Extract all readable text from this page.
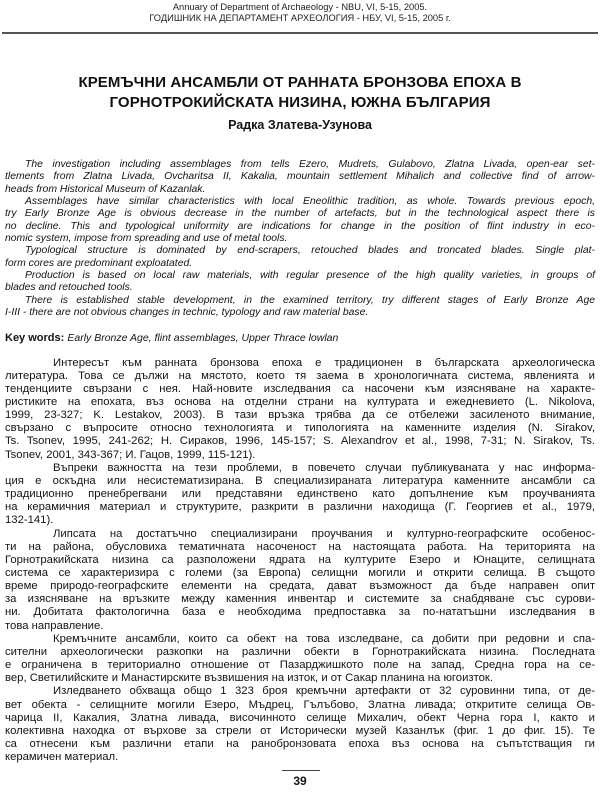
Annuary of Department of Archaeology - NBU, VI, 5-15, 2005.
ГОДИШНИК НА ДЕПАРТАМЕНТ АРХЕОЛОГИЯ - НБУ, VI, 5-15, 2005 г.
КРЕМЪЧНИ АНСАМБЛИ ОТ РАННАТА БРОНЗОВА ЕПОХА В
ГОРНОТРОКИЙСКАТА НИЗИНА, ЮЖНА БЪЛГАРИЯ
Радка Златева-Узунова
The investigation including assemblages from tells Ezero, Mudrets, Gulabovo, Zlatna Livada, open-ear set-
tlements from Zlatna Livada, Ovcharitsa II, Kakalia, mountain settlement Mihalich and collective find of arrow-
heads from Historical Museum of Kazanlak.
Assemblages have similar characteristics with local Eneolithic tradition, as whole. Towards previous epoch,
try Early Bronze Age is obvious decrease in the number of artefacts, but in the technological aspect there is
no decline. This and typological uniformity are indications for change in the position of flint industry in eco-
nomic system, impose from spreading and use of metal tools.
Typological structure is dominated by end-scrapers, retouched blades and troncated blades. Single plat-
form cores are predominant exploatated.
Production is based on local raw materials, with regular presence of the high quality varieties, in groups of
blades and retouched tools.
There is established stable development, in the examined territory, try different stages of Early Bronze Age
I-III - there are not obvious changes in technic, typology and raw material base.
Key words: Early Bronze Age, flint assemblages, Upper Thrace lowlan
Интересът към ранната бронзова епоха е традиционен в българската археологическа
литература. Това се дължи на мястото, което тя заема в хронологичната система, явленията и
тенденциите свързани с нея. Най-новите изследвания са насочени към изясняване на характе-
ристиките на епохата, въз основа на отделни страни на културата и ежедневието (L. Nikolova,
1999, 23-327; K. Lestakov, 2003). В тази връзка трябва да се отбележи засиленото внимание,
свързано с въпросите относно технологията и типологията на каменните изделия (N. Sirakov,
Ts. Tsonev, 1995, 241-262; Н. Сираков, 1996, 145-157; S. Alexandrov et al., 1998, 7-31; N. Sirakov, Ts.
Tsonev, 2001, 343-367; И. Гацов, 1999, 115-121).
Въпреки важността на тези проблеми, в повечето случаи публикуваната у нас информа-
ция е оскъдна или несистематизирана. В специализираната литература каменните ансамбли са
традиционно пренебрегвани или представяни единствено като допълнение към проучванията
на керамичния материал и структурите, разкрити в различни находища (Г. Георгиев et al., 1979,
132-141).
Липсата на достатъчно специализирани проучвания и културно-географските особенос-
ти на района, обусловиха тематичната насоченост на настоящата работа. На територията на
Горнотракийската низина са разположени ядрата на културите Езеро и Юнаците, селищната
система се характеризира с големи (за Европа) селищни могили и открити селища. В същото
време природо-географските елементи на средата, дават възможност да бъде направен опит
за изясняване на връзките между каменния инвентар и системите за снабдяване със сурови-
ни. Добитата фактологична база е необходима предпоставка за по-нататъшни изследвания в
това направление.
Кремъчните ансамбли, които са обект на това изследване, са добити при редовни и спа-
сителни археологически разкопки на различни обекти в Горнотракийската низина. Последната
е ограничена в териториално отношение от Пазарджишкото поле на запад, Средна гора на се-
вер, Светилийските и Манастирските възвишения на изток, и от Сакар планина на югоизток.
Изледването обхваща общо 1 323 броя кремъчни артефакти от 32 суровинни типа, от де-
вет обекта - селищните могили Езеро, Мъдрец, Гълъбово, Златна ливада; откритите селища Ов-
чарица II, Какалия, Златна ливада, височинното селище Михалич, обект Черна гора I, както и
колективна находка от върхове за стрели от Исторически музей Казанлък (фиг. 1 до фиг. 15). Те
са отнесени към различни етапи на ранобронзовата епоха въз основа на съпътстващия ги
керамичен материал.
39
